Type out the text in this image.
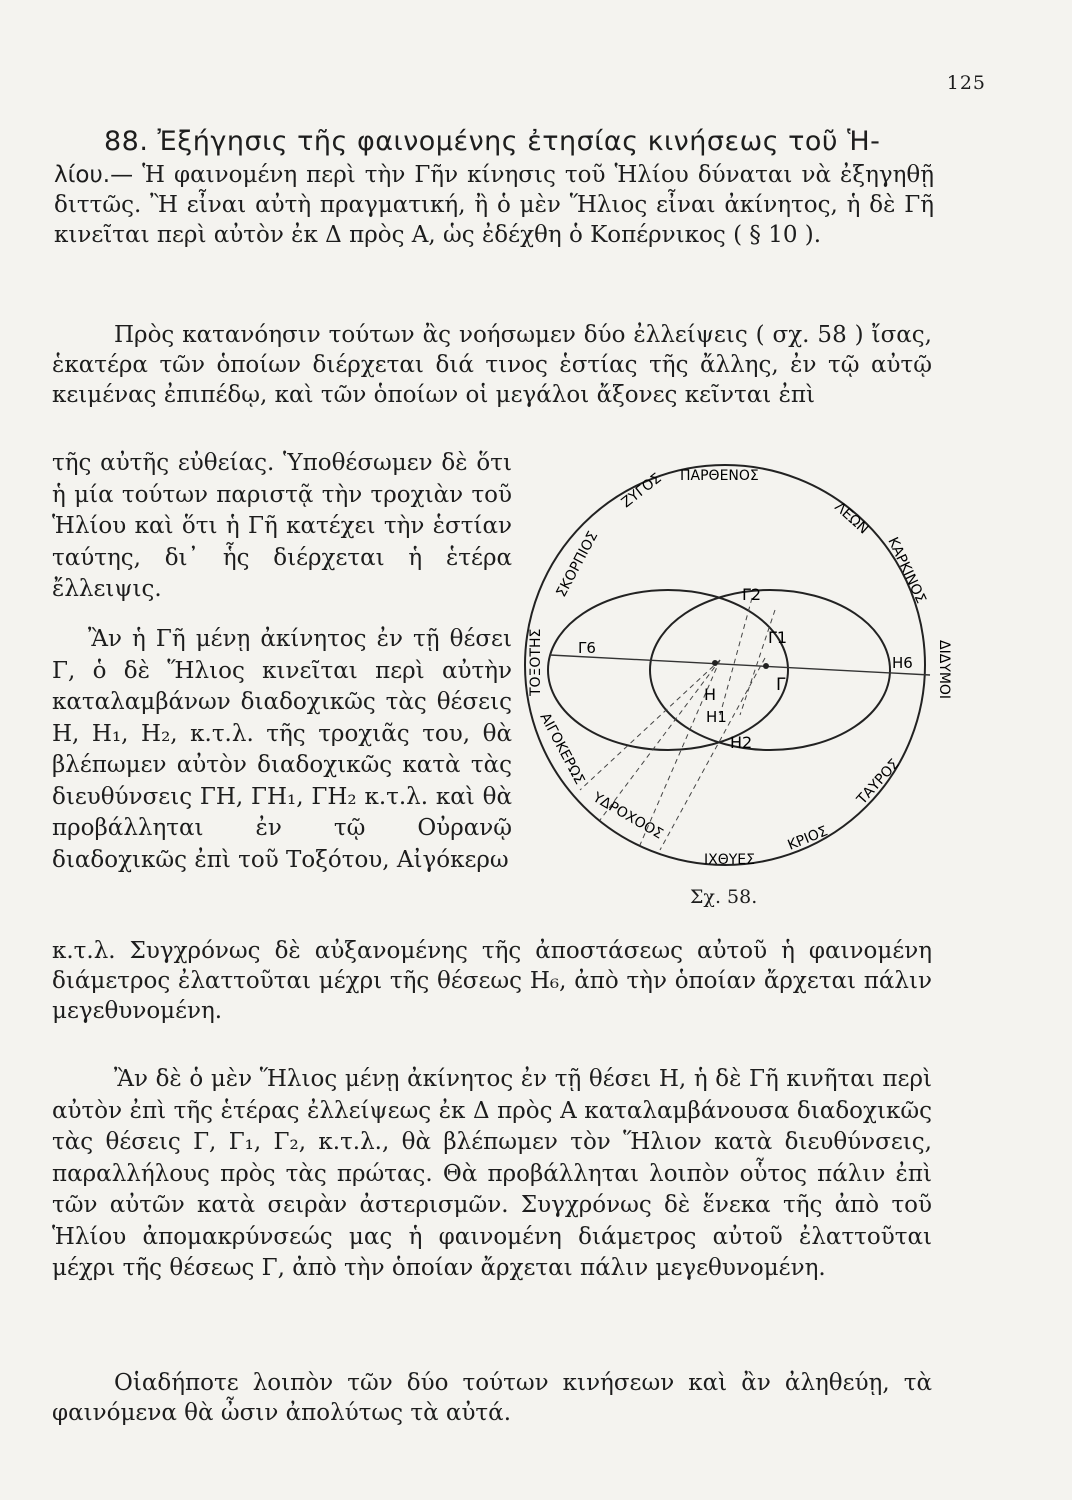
125
88. Ἐξήγησις τῆς φαινομένης ἐτησίας κινήσεως τοῦ Ἡ-
λίου.— Ἡ φαινομένη περὶ τὴν Γῆν κίνησις τοῦ Ἡλίου δύναται νὰ ἐξηγηθῇ διττῶς. Ἢ εἶναι αὐτὴ πραγματική, ἢ ὁ μὲν Ἥλιος εἶναι ἀκίνητος, ἡ δὲ Γῆ κινεῖται περὶ αὐτὸν ἐκ Δ πρὸς Α, ὡς ἐδέχθη ὁ Κοπέρνικος ( § 10 ).
Πρὸς κατανόησιν τούτων ἂς νοήσωμεν δύο ἐλλείψεις ( σχ. 58 ) ἴσας, ἑκατέρα τῶν ὁποίων διέρχεται διά τινος ἑστίας τῆς ἄλλης, ἐν τῷ αὐτῷ κειμένας ἐπιπέδῳ, καὶ τῶν ὁποίων οἱ μεγάλοι ἄξονες κεῖνται ἐπὶ
τῆς αὐτῆς εὐθείας. Ὑποθέσωμεν δὲ ὅτι ἡ μία τούτων παριστᾷ τὴν τροχιὰν τοῦ Ἡλίου καὶ ὅτι ἡ Γῆ κατέχει τὴν ἑστίαν ταύτης, δι᾽ ἧς διέρχεται ἡ ἑτέρα ἔλλειψις.
Ἂν ἡ Γῆ μένῃ ἀκίνητος ἐν τῇ θέσει Γ, ὁ δὲ Ἥλιος κινεῖται περὶ αὐτὴν καταλαμβάνων διαδοχικῶς τὰς θέσεις Η, Η₁, Η₂, κ.τ.λ. τῆς τροχιᾶς του, θὰ βλέπωμεν αὐτὸν διαδοχικῶς κατὰ τὰς διευθύνσεις ΓΗ, ΓΗ₁, ΓΗ₂ κ.τ.λ. καὶ θὰ προβάλληται ἐν τῷ Οὐρανῷ διαδοχικῶς ἐπὶ τοῦ Τοξότου, Αἰγόκερω
Γ
Γ1
Γ2
Γ6
Η
Η1
Η2
Η6
ΠΑΡΘΕΝΟΣ
ΛΕΩΝ
ΚΑΡΚΙΝΟΣ
ΔΙΔΥΜΟΙ
ΤΑΥΡΟΣ
ΚΡΙΟΣ
ΙΧΘΥΕΣ
ΥΔΡΟΧΟΟΣ
ΑΙΓΟΚΕΡΩΣ
ΤΟΞΟΤΗΣ
ΣΚΟΡΠΙΟΣ
ΖΥΓΟΣ
Σχ. 58.
κ.τ.λ. Συγχρόνως δὲ αὐξανομένης τῆς ἀποστάσεως αὐτοῦ ἡ φαινομένη διάμετρος ἐλαττοῦται μέχρι τῆς θέσεως Η₆, ἀπὸ τὴν ὁποίαν ἄρχεται πάλιν μεγεθυνομένη.
Ἂν δὲ ὁ μὲν Ἥλιος μένῃ ἀκίνητος ἐν τῇ θέσει Η, ἡ δὲ Γῆ κινῆται περὶ αὐτὸν ἐπὶ τῆς ἑτέρας ἐλλείψεως ἐκ Δ πρὸς Α καταλαμβάνουσα διαδοχικῶς τὰς θέσεις Γ, Γ₁, Γ₂, κ.τ.λ., θὰ βλέπωμεν τὸν Ἥλιον κατὰ διευθύνσεις, παραλλήλους πρὸς τὰς πρώτας. Θὰ προβάλληται λοιπὸν οὗτος πάλιν ἐπὶ τῶν αὐτῶν κατὰ σειρὰν ἀστερισμῶν. Συγχρόνως δὲ ἕνεκα τῆς ἀπὸ τοῦ Ἡλίου ἀπομακρύνσεώς μας ἡ φαινομένη διάμετρος αὐτοῦ ἐλαττοῦται μέχρι τῆς θέσεως Γ, ἀπὸ τὴν ὁποίαν ἄρχεται πάλιν μεγεθυνομένη.
Οἱαδήποτε λοιπὸν τῶν δύο τούτων κινήσεων καὶ ἂν ἀληθεύῃ, τὰ φαινόμενα θὰ ὦσιν ἀπολύτως τὰ αὐτά.
